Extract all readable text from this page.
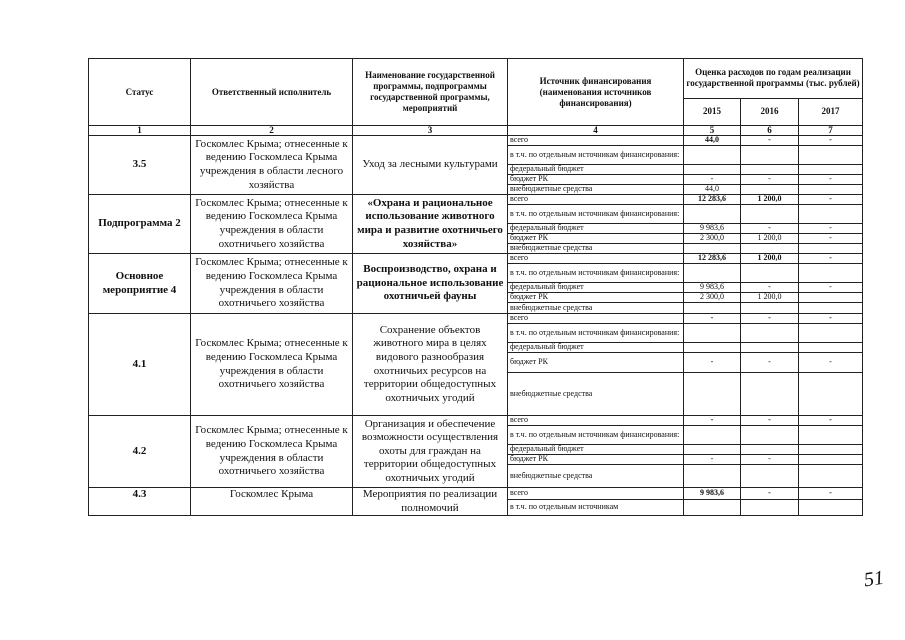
Статус	Ответственный исполнитель	Наименование государственной программы, подпрограммы государственной программы, мероприятий	Источник финансирования (наименования источников финансирования)	Оценка расходов по годам реализации государственной программы (тыс. рублей)		
				2015	2016	2017
1	2	3	4	5	6	7
3.5	Госкомлес Крыма; отнесенные к ведению Госкомлеса Крыма учреждения в области лесного хозяйства	Уход за лесными культурами	всего	44,0	-	-
			в т.ч. по отдельным источникам финансирования:			
			федеральный бюджет			
			бюджет РК	-	-	-
			внебюджетные средства	44,0		
Подпрограмма 2	Госкомлес Крыма; отнесенные к ведению Госкомлеса Крыма учреждения в области охотничьего хозяйства	«Охрана и рациональное использование животного мира и развитие охотничьего хозяйства»	всего	12 283,6	1 200,0	-
			в т.ч. по отдельным источникам финансирования:			
			федеральный бюджет	9 983,6	-	-
			бюджет РК	2 300,0	1 200,0	-
			внебюджетные средства			
Основное мероприятие 4	Госкомлес Крыма; отнесенные к ведению Госкомлеса Крыма учреждения в области охотничьего хозяйства	Воспроизводство, охрана и рациональное использование охотничьей фауны	всего	12 283,6	1 200,0	-
			в т.ч. по отдельным источникам финансирования:			
			федеральный бюджет	9 983,6	-	-
			бюджет РК	2 300,0	1 200,0	
			внебюджетные средства			
4.1	Госкомлес Крыма; отнесенные к ведению Госкомлеса Крыма учреждения в области охотничьего хозяйства	Сохранение объектов животного мира в целях видового разнообразия охотничьих ресурсов на территории общедоступных охотничьих угодий	всего	-	-	-
			в т.ч. по отдельным источникам финансирования:			
			федеральный бюджет			
			бюджет РК	-	-	-
			внебюджетные средства			
4.2	Госкомлес Крыма; отнесенные к ведению Госкомлеса Крыма учреждения в области охотничьего хозяйства	Организация и обеспечение возможности осуществления охоты для граждан на территории общедоступных охотничьих угодий	всего	-	-	-
			в т.ч. по отдельным источникам финансирования:			
			федеральный бюджет			
			бюджет РК	-	-	
			внебюджетные средства			
4.3	Госкомлес Крыма	Мероприятия по реализации полномочий	всего	9 983,6	-	-
			в т.ч. по отдельным источникам			
51
